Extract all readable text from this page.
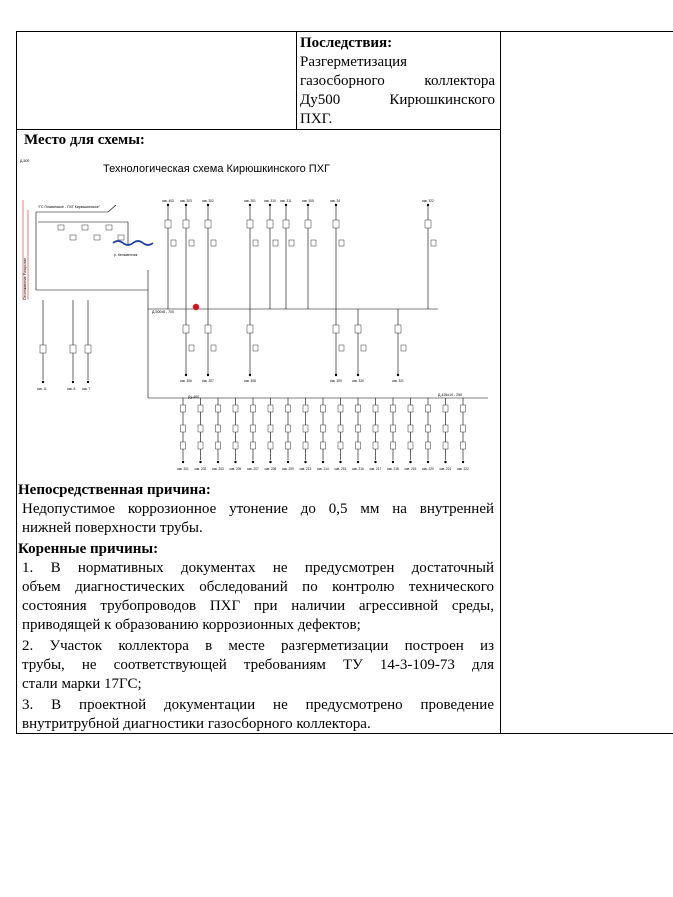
Последствия:
Разгерметизация
газосборного коллектора
Ду500 Кирюшкинского
ПХГ.
Место для схемы:
Технологическая схема Кирюшкинского ПХГ
Д-500
"ГС Плавинское - ПХГ Кирюшкинское"
р. Кельменчик
Д-500х8 - 700
Д-426х10 - 250
Ду-400
Отслеживание Разкрытие
скв. 400 скв. 303	скв. 302	скв. 301	скв. 310 скв. 311	скв. 305	скв. 34	скв. 322
скв. 306	скв. 307	скв. 308	скв. 309	скв. 320	скв. 321
скв. 11	скв. 8 скв. 7
скв. 201 скв. 202 скв. 203 скв. 205 скв. 207 скв. 208 скв. 209 скв. 213 скв. 214 скв. 215 скв. 216 скв. 217 скв. 218 скв. 219 скв. 220 скв. 221 скв. 222
Непосредственная причина:
Недопустимое коррозионное утонение до 0,5 мм на внутренней
нижней поверхности трубы.
Коренные причины:
1. В нормативных документах не предусмотрен достаточный
объем диагностических обследований по контролю технического
состояния трубопроводов ПХГ при наличии агрессивной среды,
приводящей к образованию коррозионных дефектов;
2. Участок коллектора в месте разгерметизации построен из
трубы, не соответствующей требованиям ТУ 14-3-109-73 для
стали марки 17ГС;
3. В проектной документации не предусмотрено проведение
внутритрубной диагностики газосборного коллектора.
